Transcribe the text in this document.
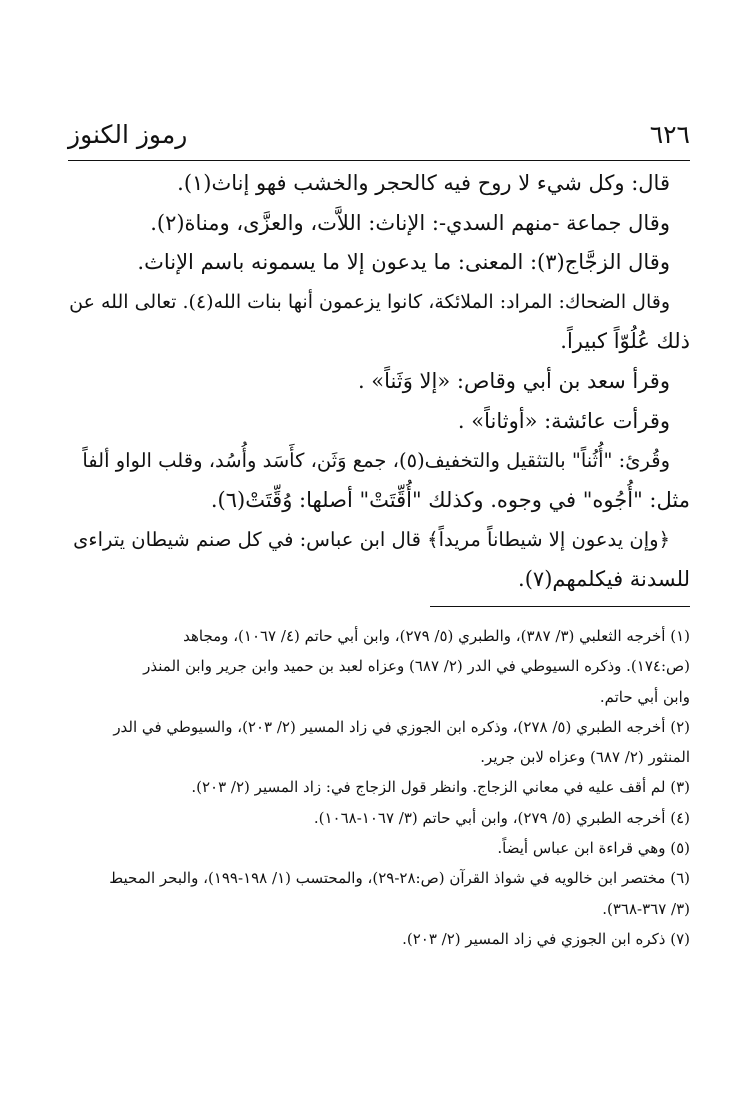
٦٢٦
رموز الكنوز

قال: وكل شيء لا روح فيه كالحجر والخشب فهو إناث(١).

وقال جماعة -منهم السدي-: الإناث: اللاَّت، والعزَّى، ومناة(٢).

وقال الزجَّاج(٣): المعنى: ما يدعون إلا ما يسمونه باسم الإناث.

وقال الضحاك: المراد: الملائكة، كانوا يزعمون أنها بنات الله(٤). تعالى الله عن

ذلك عُلُوّاً كبيراً.

وقرأ سعد بن أبي وقاص: «إلا وَثَناً» .

وقرأت عائشة: «أوثاناً» .

وقُرئ: "أُثُناً" بالتثقيل والتخفيف(٥)، جمع وَثَن، كأَسَد وأُسُد، وقلب الواو ألفاً

مثل: "أُجُوه" في وجوه. وكذلك "أُقِّتَتْ" أصلها: وُقِّتَتْ(٦).

﴿وإن يدعون إلا شيطاناً مريداً﴾ قال ابن عباس: في كل صنم شيطان يتراءى

للسدنة فيكلمهم(٧).

(١) أخرجه الثعلبي (٣/ ٣٨٧)، والطبري (٥/ ٢٧٩)، وابن أبي حاتم (٤/ ١٠٦٧)، ومجاهد

(ص:١٧٤). وذكره السيوطي في الدر (٢/ ٦٨٧) وعزاه لعبد بن حميد وابن جرير وابن المنذر

وابن أبي حاتم.

(٢) أخرجه الطبري (٥/ ٢٧٨)، وذكره ابن الجوزي في زاد المسير (٢/ ٢٠٣)، والسيوطي في الدر

المنثور (٢/ ٦٨٧) وعزاه لابن جرير.

(٣) لم أقف عليه في معاني الزجاج. وانظر قول الزجاج في: زاد المسير (٢/ ٢٠٣).

(٤) أخرجه الطبري (٥/ ٢٧٩)، وابن أبي حاتم (٣/ ١٠٦٧-١٠٦٨).

(٥) وهي قراءة ابن عباس أيضاً.

(٦) مختصر ابن خالويه في شواذ القرآن (ص:٢٨-٢٩)، والمحتسب (١/ ١٩٨-١٩٩)، والبحر المحيط

(٣/ ٣٦٧-٣٦٨).

(٧) ذكره ابن الجوزي في زاد المسير (٢/ ٢٠٣).
